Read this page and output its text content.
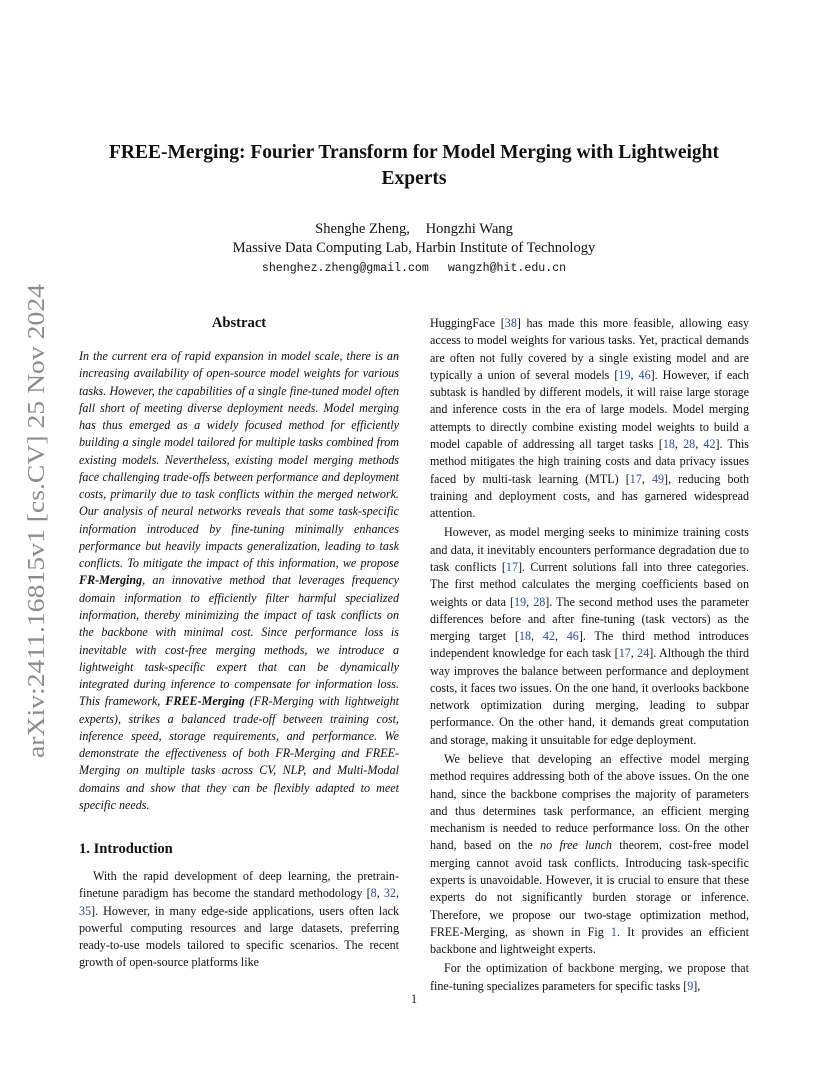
arXiv:2411.16815v1 [cs.CV] 25 Nov 2024
FREE-Merging: Fourier Transform for Model Merging with Lightweight
Experts
Shenghe Zheng, Hongzhi Wang
Massive Data Computing Lab, Harbin Institute of Technology
shenghez.zheng@gmail.com wangzh@hit.edu.cn
Abstract
In the current era of rapid expansion in model scale, there is an increasing availability of open-source model weights for various tasks. However, the capabilities of a single fine-tuned model often fall short of meeting diverse deployment needs. Model merging has thus emerged as a widely focused method for efficiently building a single model tailored for multiple tasks combined from existing models. Nevertheless, existing model merging methods face challenging trade-offs between performance and deployment costs, primarily due to task conflicts within the merged network. Our analysis of neural networks reveals that some task-specific information introduced by fine-tuning minimally enhances performance but heavily impacts generalization, leading to task conflicts. To mitigate the impact of this information, we propose FR-Merging, an innovative method that leverages frequency domain information to efficiently filter harmful specialized information, thereby minimizing the impact of task conflicts on the backbone with minimal cost. Since performance loss is inevitable with cost-free merging methods, we introduce a lightweight task-specific expert that can be dynamically integrated during inference to compensate for information loss. This framework, FREE-Merging (FR-Merging with lightweight experts), strikes a balanced trade-off between training cost, inference speed, storage requirements, and performance. We demonstrate the effectiveness of both FR-Merging and FREE-Merging on multiple tasks across CV, NLP, and Multi-Modal domains and show that they can be flexibly adapted to meet specific needs.
1. Introduction
With the rapid development of deep learning, the pretrain-finetune paradigm has become the standard methodology [8, 32, 35]. However, in many edge-side applications, users often lack powerful computing resources and large datasets, preferring ready-to-use models tailored to specific scenarios. The recent growth of open-source platforms like

HuggingFace [38] has made this more feasible, allowing easy access to model weights for various tasks. Yet, practical demands are often not fully covered by a single existing model and are typically a union of several models [19, 46]. However, if each subtask is handled by different models, it will raise large storage and inference costs in the era of large models. Model merging attempts to directly combine existing model weights to build a model capable of addressing all target tasks [18, 28, 42]. This method mitigates the high training costs and data privacy issues faced by multi-task learning (MTL) [17, 49], reducing both training and deployment costs, and has garnered widespread attention.

However, as model merging seeks to minimize training costs and data, it inevitably encounters performance degradation due to task conflicts [17]. Current solutions fall into three categories. The first method calculates the merging coefficients based on weights or data [19, 28]. The second method uses the parameter differences before and after fine-tuning (task vectors) as the merging target [18, 42, 46]. The third method introduces independent knowledge for each task [17, 24]. Although the third way improves the balance between performance and deployment costs, it faces two issues. On the one hand, it overlooks backbone network optimization during merging, leading to subpar performance. On the other hand, it demands great computation and storage, making it unsuitable for edge deployment.

We believe that developing an effective model merging method requires addressing both of the above issues. On the one hand, since the backbone comprises the majority of parameters and thus determines task performance, an efficient merging mechanism is needed to reduce performance loss. On the other hand, based on the no free lunch theorem, cost-free model merging cannot avoid task conflicts. Introducing task-specific experts is unavoidable. However, it is crucial to ensure that these experts do not significantly burden storage or inference. Therefore, we propose our two-stage optimization method, FREE-Merging, as shown in Fig 1. It provides an efficient backbone and lightweight experts.

For the optimization of backbone merging, we propose that fine-tuning specializes parameters for specific tasks [9],

1
